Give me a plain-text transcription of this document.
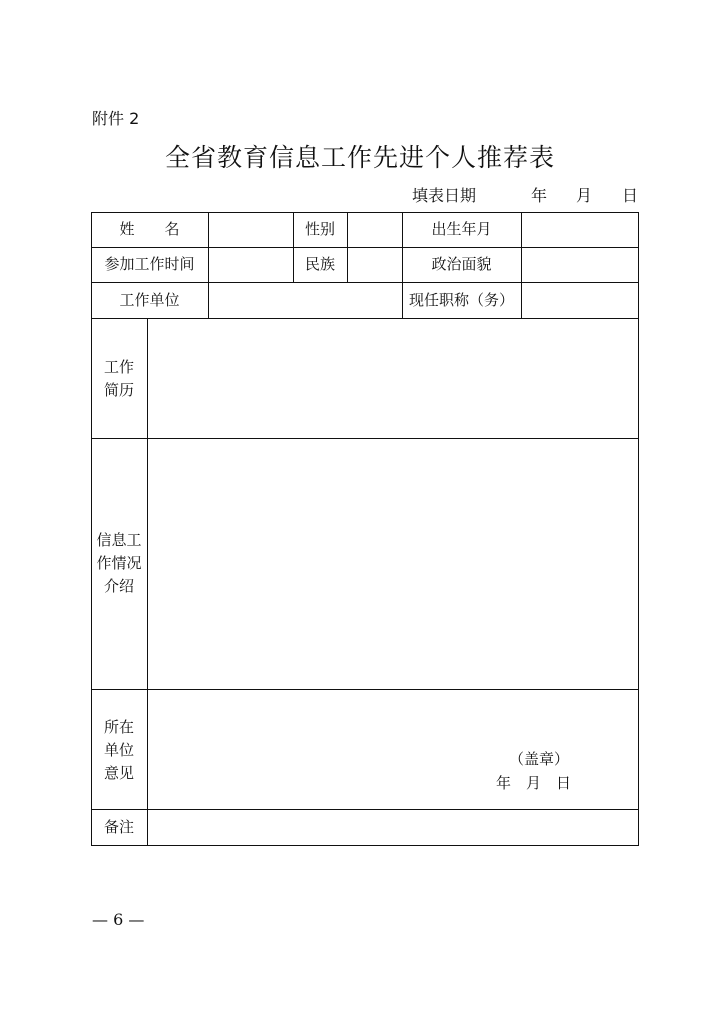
附件 2
全省教育信息工作先进个人推荐表
填表日期	年 月 日
姓  名	性别	出生年月
参加工作时间	民族	政治面貌
工作单位	现任职称（务）
工作
简历
信息工
作情况
介绍
所在
单位
意见
（盖章）
年 月 日
备注
— 6 —
